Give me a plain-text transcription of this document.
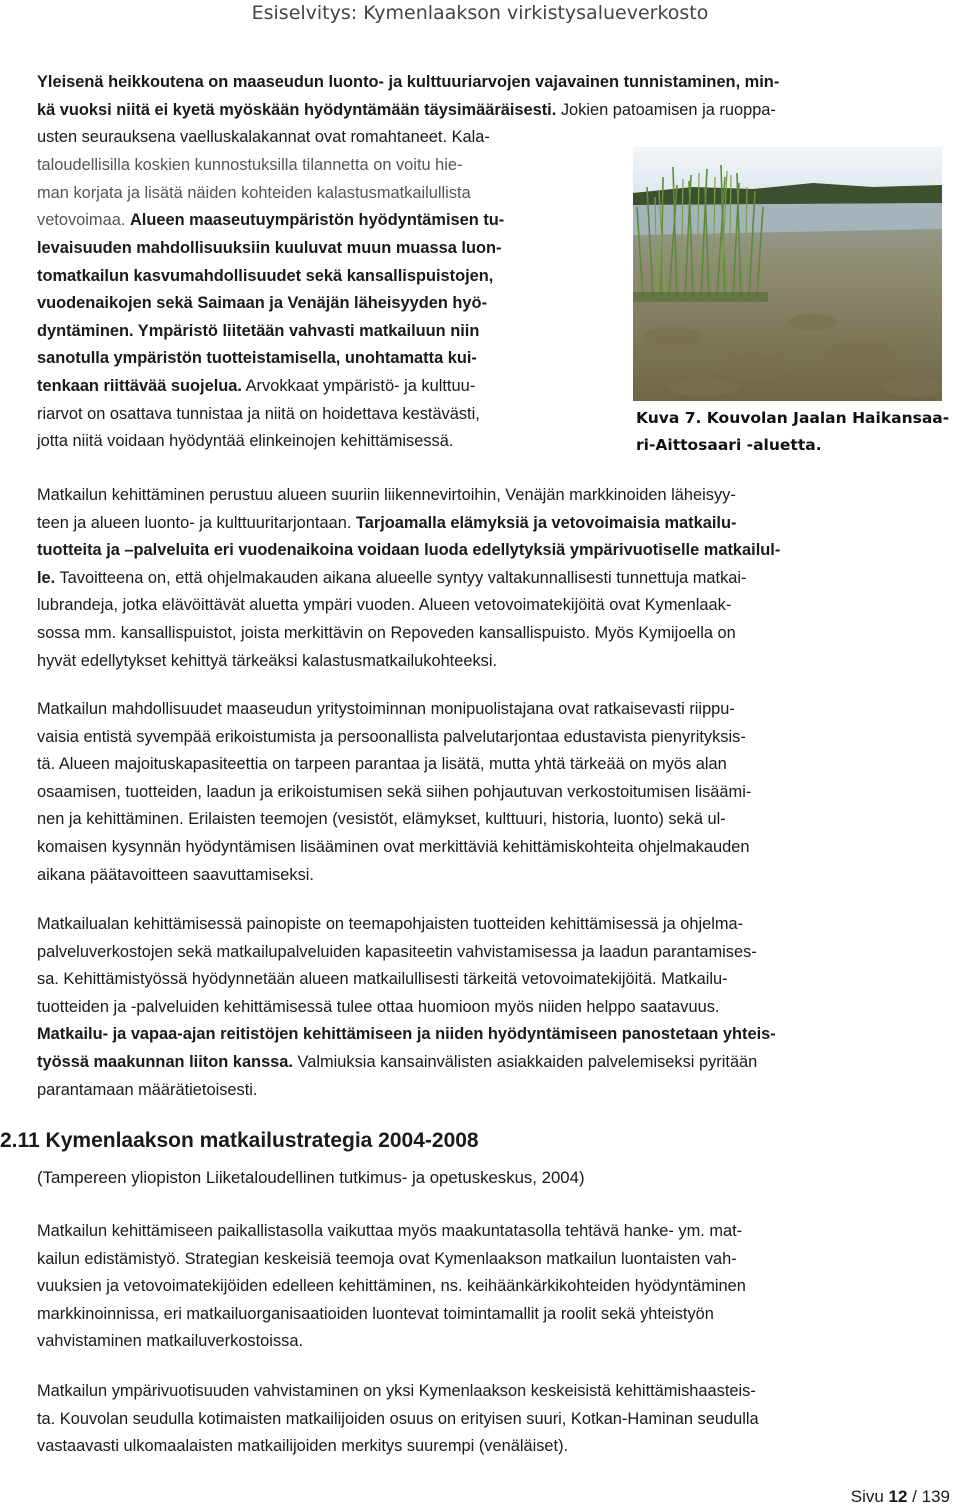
Esiselvitys: Kymenlaakson virkistysalueverkosto
Yleisenä heikkoutena on maaseudun luonto- ja kulttuuriarvojen vajavainen tunnistaminen, min-
kä vuoksi niitä ei kyetä myöskään hyödyntämään täysimääräisesti. Jokien patoamisen ja ruoppa-
usten seurauksena vaelluskalakannat ovat romahtaneet. Kala-
taloudellisilla koskien kunnostuksilla tilannetta on voitu hie-
man korjata ja lisätä näiden kohteiden kalastusmatkailullista
vetovoimaa. Alueen maaseutuympäristön hyödyntämisen tu-
levaisuuden mahdollisuuksiin kuuluvat muun muassa luon-
tomatkailun kasvumahdollisuudet sekä kansallispuistojen,
vuodenaikojen sekä Saimaan ja Venäjän läheisyyden hyö-
dyntäminen. Ympäristö liitetään vahvasti matkailuun niin
sanotulla ympäristön tuotteistamisella, unohtamatta kui-
tenkaan riittävää suojelua. Arvokkaat ympäristö- ja kulttuu-
riarvot on osattava tunnistaa ja niitä on hoidettava kestävästi,
jotta niitä voidaan hyödyntää elinkeinojen kehittämisessä.
Kuva 7. Kouvolan Jaalan Haikansaa-
ri-Aittosaari -aluetta.
Matkailun kehittäminen perustuu alueen suuriin liikennevirtoihin, Venäjän markkinoiden läheisyy-
teen ja alueen luonto- ja kulttuuritarjontaan. Tarjoamalla elämyksiä ja vetovoimaisia matkailu-
tuotteita ja –palveluita eri vuodenaikoina voidaan luoda edellytyksiä ympärivuotiselle matkailul-
le. Tavoitteena on, että ohjelmakauden aikana alueelle syntyy valtakunnallisesti tunnettuja matkai-
lubrandeja, jotka elävöittävät aluetta ympäri vuoden. Alueen vetovoimatekijöitä ovat Kymenlaak-
sossa mm. kansallispuistot, joista merkittävin on Repoveden kansallispuisto. Myös Kymijoella on
hyvät edellytykset kehittyä tärkeäksi kalastusmatkailukohteeksi.
Matkailun mahdollisuudet maaseudun yritystoiminnan monipuolistajana ovat ratkaisevasti riippu-
vaisia entistä syvempää erikoistumista ja persoonallista palvelutarjontaa edustavista pienyrityksis-
tä. Alueen majoituskapasiteettia on tarpeen parantaa ja lisätä, mutta yhtä tärkeää on myös alan
osaamisen, tuotteiden, laadun ja erikoistumisen sekä siihen pohjautuvan verkostoitumisen lisäämi-
nen ja kehittäminen. Erilaisten teemojen (vesistöt, elämykset, kulttuuri, historia, luonto) sekä ul-
komaisen kysynnän hyödyntämisen lisääminen ovat merkittäviä kehittämiskohteita ohjelmakauden
aikana päätavoitteen saavuttamiseksi.
Matkailualan kehittämisessä painopiste on teemapohjaisten tuotteiden kehittämisessä ja ohjelma-
palveluverkostojen sekä matkailupalveluiden kapasiteetin vahvistamisessa ja laadun parantamises-
sa. Kehittämistyössä hyödynnetään alueen matkailullisesti tärkeitä vetovoimatekijöitä. Matkailu-
tuotteiden ja -palveluiden kehittämisessä tulee ottaa huomioon myös niiden helppo saatavuus.
Matkailu- ja vapaa-ajan reitistöjen kehittämiseen ja niiden hyödyntämiseen panostetaan yhteis-
työssä maakunnan liiton kanssa. Valmiuksia kansainvälisten asiakkaiden palvelemiseksi pyritään
parantamaan määrätietoisesti.
2.11 Kymenlaakson matkailustrategia 2004-2008
(Tampereen yliopiston Liiketaloudellinen tutkimus- ja opetuskeskus, 2004)
Matkailun kehittämiseen paikallistasolla vaikuttaa myös maakuntatasolla tehtävä hanke- ym. mat-
kailun edistämistyö. Strategian keskeisiä teemoja ovat Kymenlaakson matkailun luontaisten vah-
vuuksien ja vetovoimatekijöiden edelleen kehittäminen, ns. keihäänkärkikohteiden hyödyntäminen
markkinoinnissa, eri matkailuorganisaatioiden luontevat toimintamallit ja roolit sekä yhteistyön
vahvistaminen matkailuverkostoissa.
Matkailun ympärivuotisuuden vahvistaminen on yksi Kymenlaakson keskeisistä kehittämishaasteis-
ta. Kouvolan seudulla kotimaisten matkailijoiden osuus on erityisen suuri, Kotkan-Haminan seudulla
vastaavasti ulkomaalaisten matkailijoiden merkitys suurempi (venäläiset).
Sivu 12 / 139
